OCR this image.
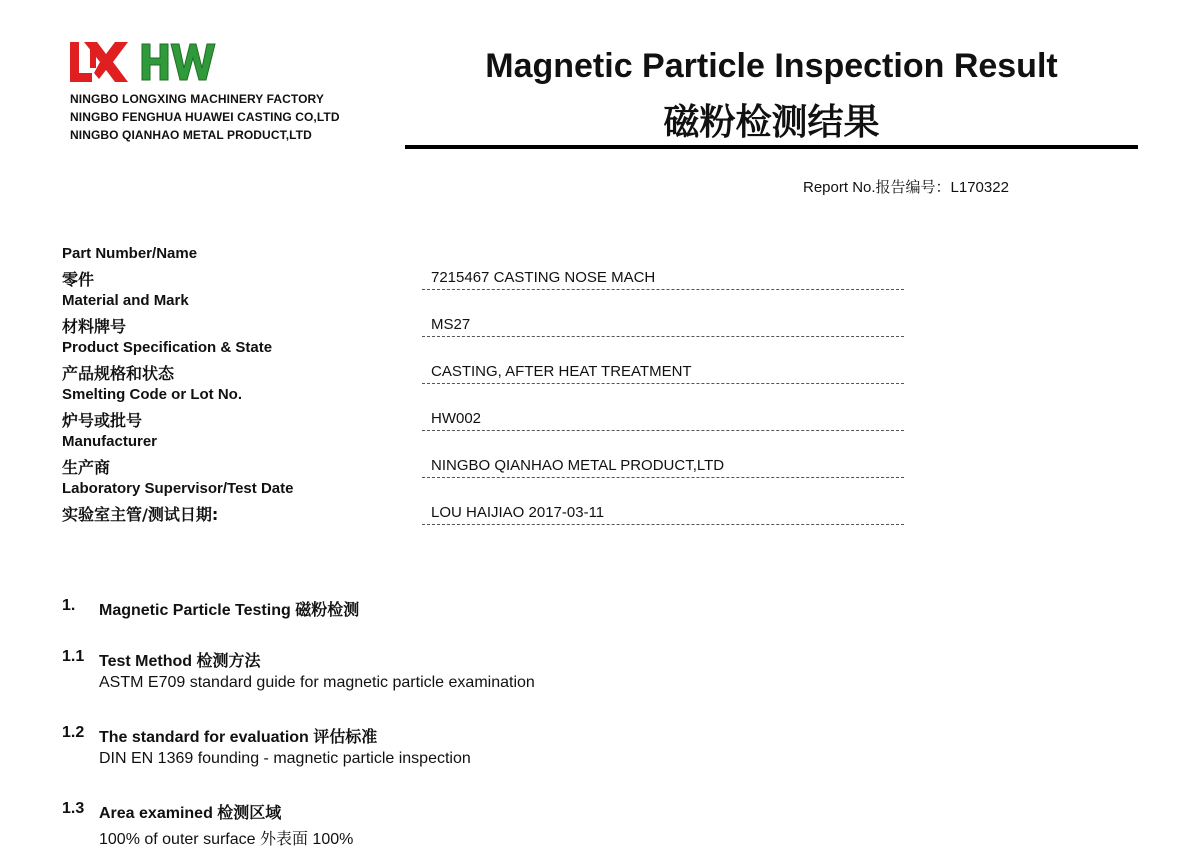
NINGBO LONGXING MACHINERY FACTORY
NINGBO FENGHUA HUAWEI CASTING CO,LTD
NINGBO QIANHAO METAL PRODUCT,LTD
Magnetic Particle Inspection Result
磁粉检测结果
Report No.报告编号：L170322
Part Number/Name
零件	7215467 CASTING NOSE MACH
Material and Mark
材料牌号	MS27
Product Specification & State
产品规格和状态	CASTING, AFTER HEAT TREATMENT
Smelting Code or Lot No.
炉号或批号	HW002
Manufacturer
生产商	NINGBO QIANHAO METAL PRODUCT,LTD
Laboratory Supervisor/Test Date
实验室主管/测试日期:	LOU HAIJIAO 2017-03-11
1. Magnetic Particle Testing 磁粉检测
1.1 Test Method 检测方法
ASTM E709 standard guide for magnetic particle examination
1.2 The standard for evaluation 评估标准
DIN EN 1369 founding - magnetic particle inspection
1.3 Area examined 检测区域
100% of outer surface 外表面 100%
